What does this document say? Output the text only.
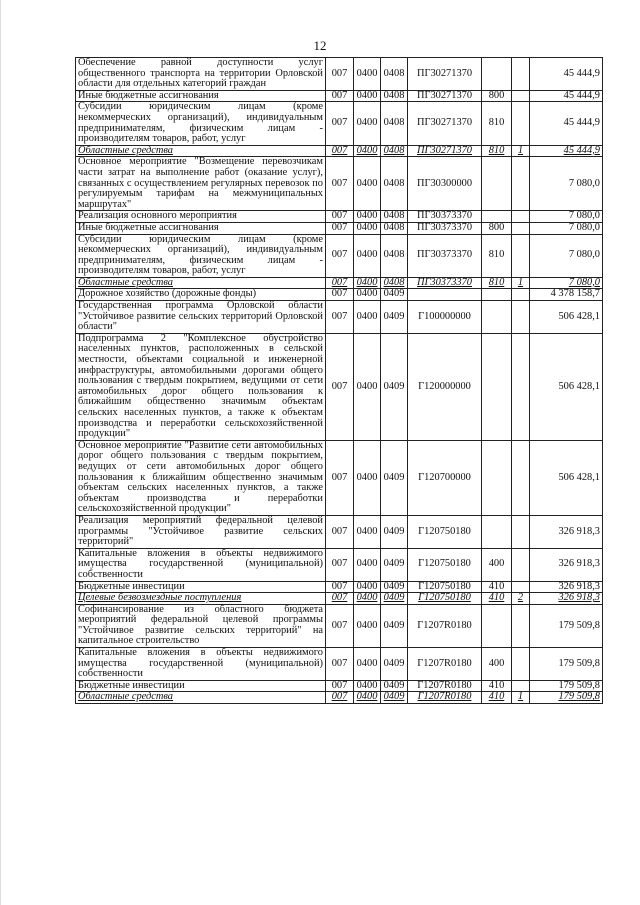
12
Обеспечение равной доступности услуг общественного транспорта на территории Орловской области для отдельных категорий граждан	007	0400	0408	ПГ30271370			45 444,9
Иные бюджетные ассигнования	007	0400	0408	ПГ30271370	800		45 444,9
Субсидии юридическим лицам (кроме некоммерческих организаций), индивидуальным предпринимателям, физическим лицам - производителям товаров, работ, услуг	007	0400	0408	ПГ30271370	810		45 444,9
Областные средства	007	0400	0408	ПГ30271370	810	1	45 444,9
Основное мероприятие "Возмещение перевозчикам части затрат на выполнение работ (оказание услуг), связанных с осуществлением регулярных перевозок по регулируемым тарифам на межмуниципальных маршрутах"	007	0400	0408	ПГ30300000			7 080,0
Реализация основного мероприятия	007	0400	0408	ПГ30373370			7 080,0
Иные бюджетные ассигнования	007	0400	0408	ПГ30373370	800		7 080,0
Субсидии юридическим лицам (кроме некоммерческих организаций), индивидуальным предпринимателям, физическим лицам - производителям товаров, работ, услуг	007	0400	0408	ПГ30373370	810		7 080,0
Областные средства	007	0400	0408	ПГ30373370	810	1	7 080,0
Дорожное хозяйство (дорожные фонды)	007	0400	0409				4 378 158,7
Государственная программа Орловской области "Устойчивое развитие сельских территорий Орловской области"	007	0400	0409	Г100000000			506 428,1
Подпрограмма 2 "Комплексное обустройство населенных пунктов, расположенных в сельской местности, объектами социальной и инженерной инфраструктуры, автомобильными дорогами общего пользования с твердым покрытием, ведущими от сети автомобильных дорог общего пользования к ближайшим общественно значимым объектам сельских населенных пунктов, а также к объектам производства и переработки сельскохозяйственной продукции"	007	0400	0409	Г120000000			506 428,1
Основное мероприятие "Развитие сети автомобильных дорог общего пользования с твердым покрытием, ведущих от сети автомобильных дорог общего пользования к ближайшим общественно значимым объектам сельских населенных пунктов, а также объектам производства и переработки сельскохозяйственной продукции"	007	0400	0409	Г120700000			506 428,1
Реализация мероприятий федеральной целевой программы "Устойчивое развитие сельских территорий"	007	0400	0409	Г120750180			326 918,3
Капитальные вложения в объекты недвижимого имущества государственной (муниципальной) собственности	007	0400	0409	Г120750180	400		326 918,3
Бюджетные инвестиции	007	0400	0409	Г120750180	410		326 918,3
Целевые безвозмездные поступления	007	0400	0409	Г120750180	410	2	326 918,3
Софинансирование из областного бюджета мероприятий федеральной целевой программы "Устойчивое развитие сельских территорий" на капитальное строительство	007	0400	0409	Г1207R0180			179 509,8
Капитальные вложения в объекты недвижимого имущества государственной (муниципальной) собственности	007	0400	0409	Г1207R0180	400		179 509,8
Бюджетные инвестиции	007	0400	0409	Г1207R0180	410		179 509,8
Областные средства	007	0400	0409	Г1207R0180	410	1	179 509,8
